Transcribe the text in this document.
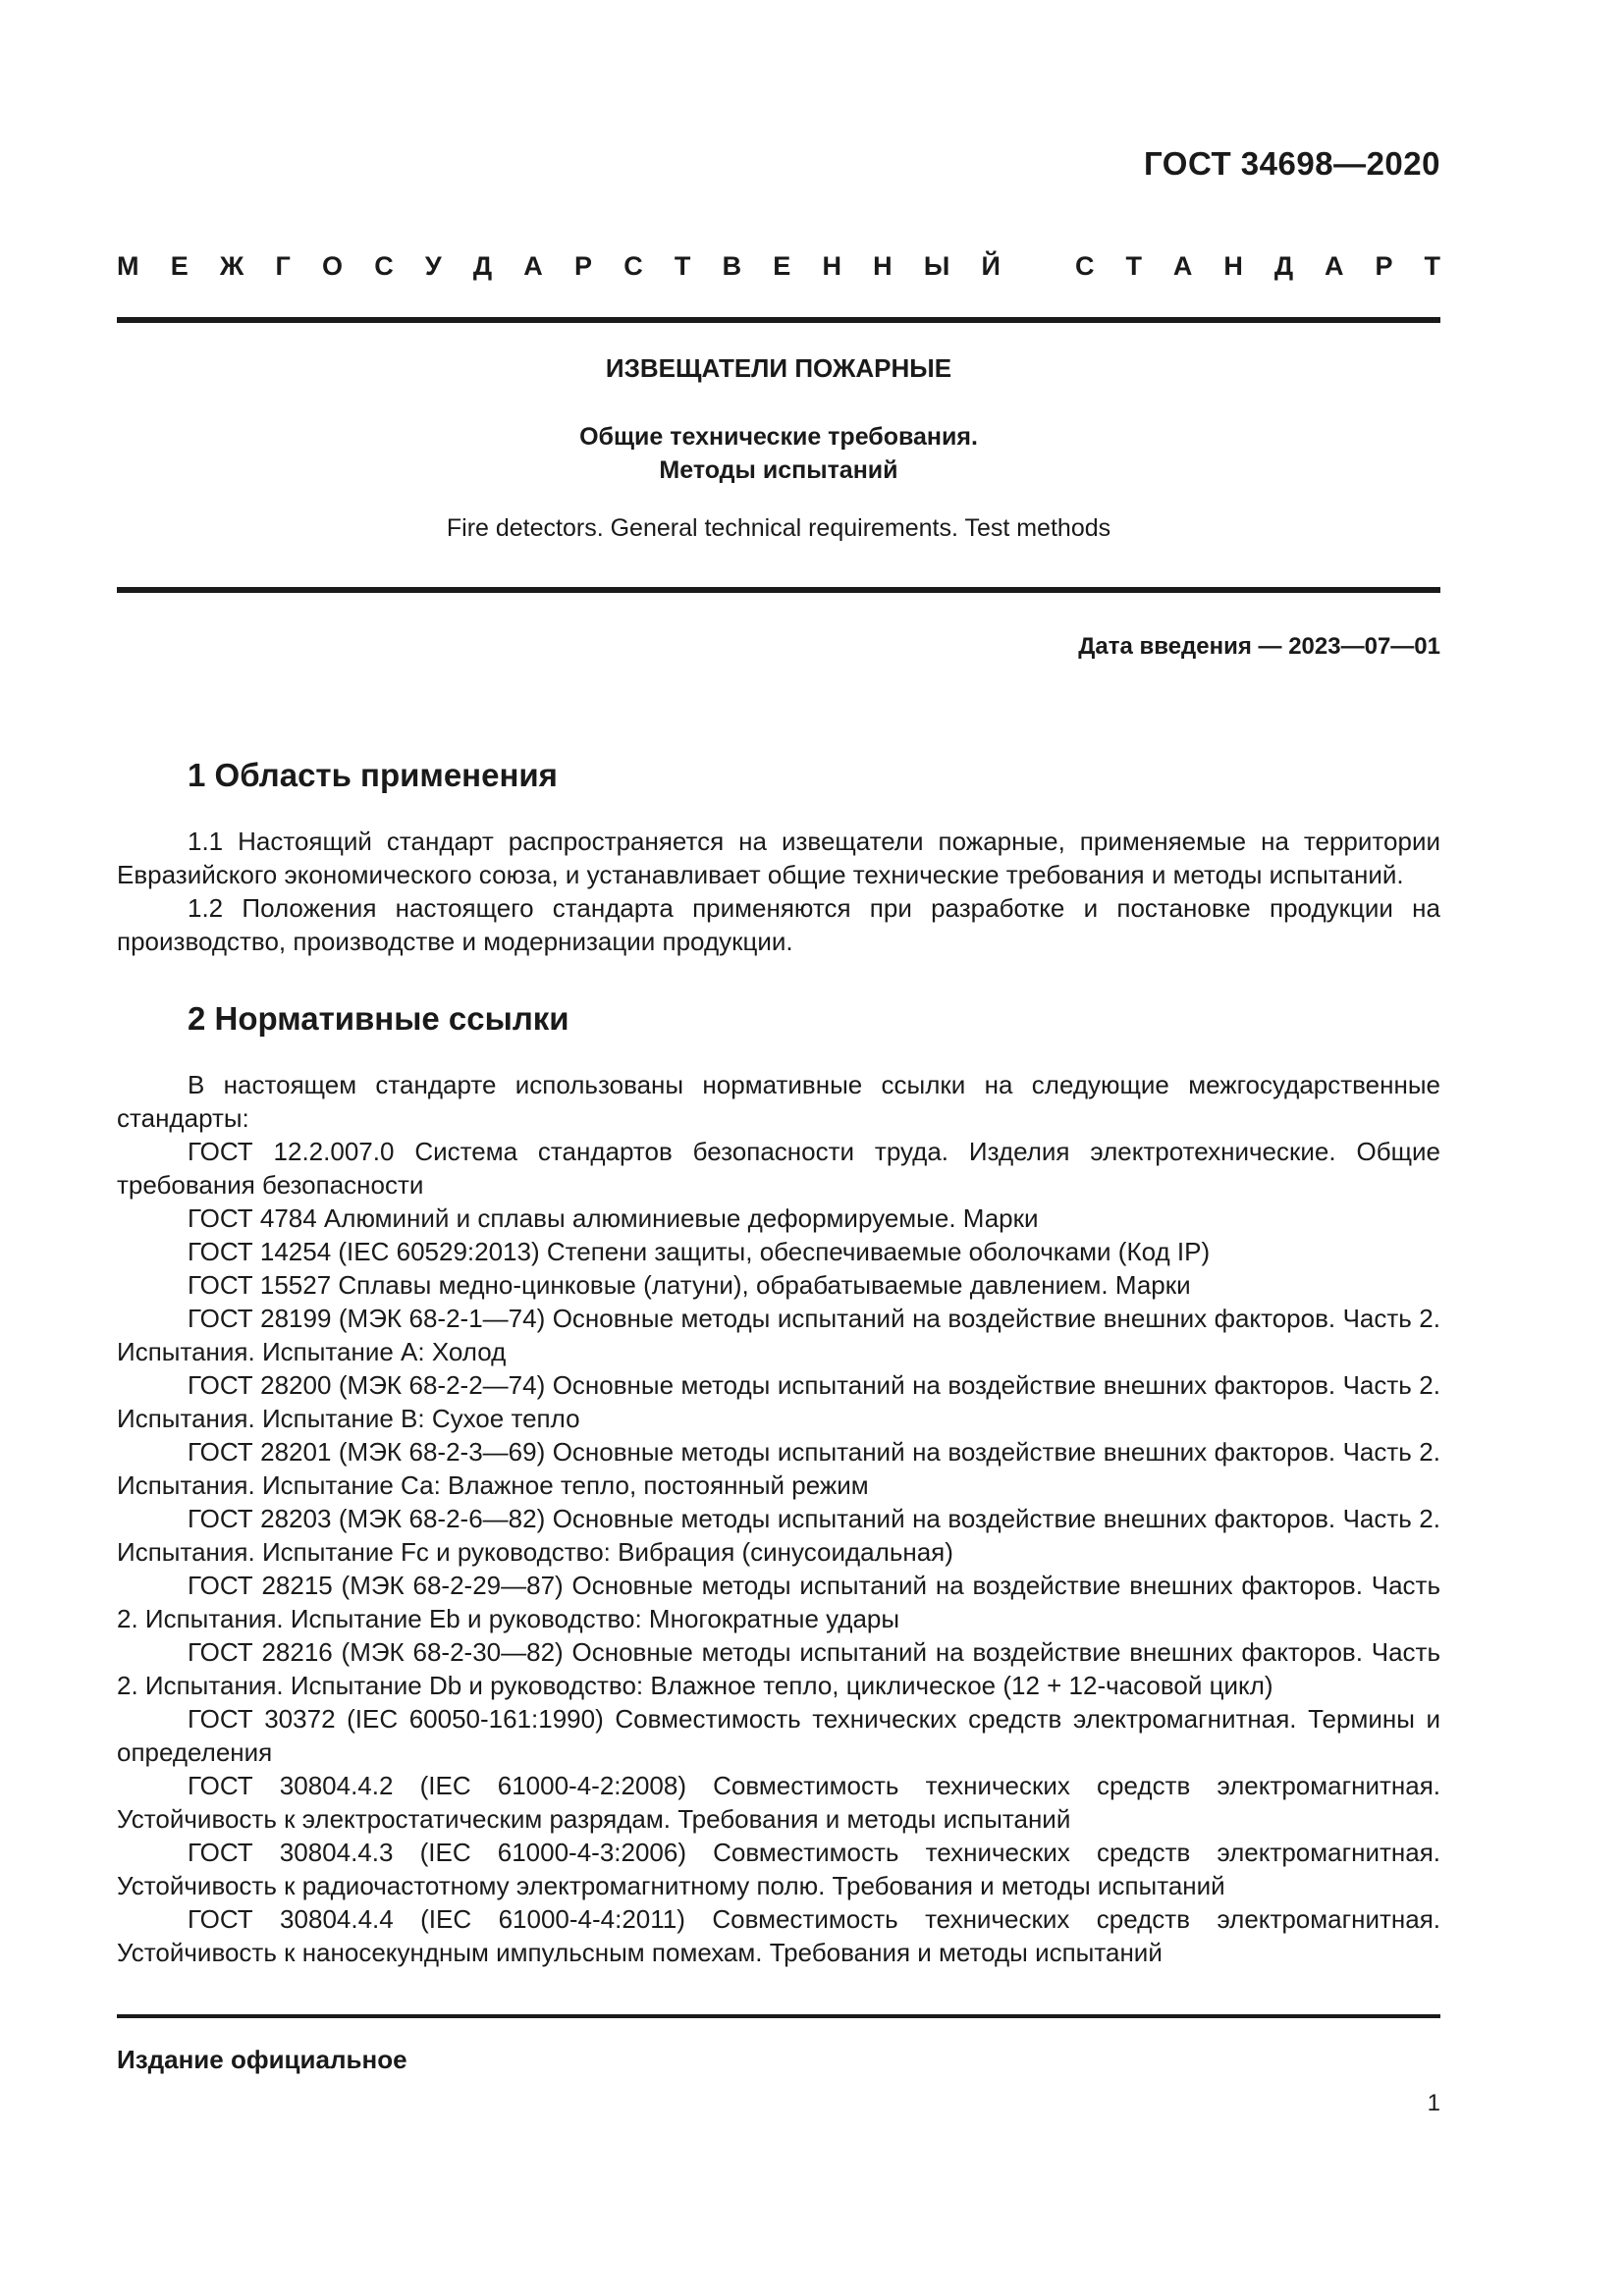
ГОСТ 34698—2020
М Е Ж Г О С У Д А Р С Т В Е Н Н Ы Й	С Т А Н Д А Р Т
ИЗВЕЩАТЕЛИ ПОЖАРНЫЕ
Общие технические требования.
Методы испытаний
Fire detectors. General technical requirements. Test methods
Дата введения — 2023—07—01
1 Область применения

1.1 Настоящий стандарт распространяется на извещатели пожарные, применяемые на территории Евразийского экономического союза, и устанавливает общие технические требования и методы испытаний.

1.2 Положения настоящего стандарта применяются при разработке и постановке продукции на производство, производстве и модернизации продукции.

2 Нормативные ссылки

В настоящем стандарте использованы нормативные ссылки на следующие межгосударственные стандарты:

ГОСТ 12.2.007.0 Система стандартов безопасности труда. Изделия электротехнические. Общие требования безопасности

ГОСТ 4784 Алюминий и сплавы алюминиевые деформируемые. Марки

ГОСТ 14254 (IEC 60529:2013) Степени защиты, обеспечиваемые оболочками (Код IP)

ГОСТ 15527 Сплавы медно-цинковые (латуни), обрабатываемые давлением. Марки

ГОСТ 28199 (МЭК 68-2-1—74) Основные методы испытаний на воздействие внешних факторов. Часть 2. Испытания. Испытание А: Холод

ГОСТ 28200 (МЭК 68-2-2—74) Основные методы испытаний на воздействие внешних факторов. Часть 2. Испытания. Испытание В: Сухое тепло

ГОСТ 28201 (МЭК 68-2-3—69) Основные методы испытаний на воздействие внешних факторов. Часть 2. Испытания. Испытание Са: Влажное тепло, постоянный режим

ГОСТ 28203 (МЭК 68-2-6—82) Основные методы испытаний на воздействие внешних факторов. Часть 2. Испытания. Испытание Fc и руководство: Вибрация (синусоидальная)

ГОСТ 28215 (МЭК 68-2-29—87) Основные методы испытаний на воздействие внешних факторов. Часть 2. Испытания. Испытание Eb и руководство: Многократные удары

ГОСТ 28216 (МЭК 68-2-30—82) Основные методы испытаний на воздействие внешних факторов. Часть 2. Испытания. Испытание Db и руководство: Влажное тепло, циклическое (12 + 12-часовой цикл)

ГОСТ 30372 (IEC 60050-161:1990) Совместимость технических средств электромагнитная. Термины и определения

ГОСТ 30804.4.2 (IEC 61000-4-2:2008) Совместимость технических средств электромагнитная. Устойчивость к электростатическим разрядам. Требования и методы испытаний

ГОСТ 30804.4.3 (IEC 61000-4-3:2006) Совместимость технических средств электромагнитная. Устойчивость к радиочастотному электромагнитному полю. Требования и методы испытаний

ГОСТ 30804.4.4 (IEC 61000-4-4:2011) Совместимость технических средств электромагнитная. Устойчивость к наносекундным импульсным помехам. Требования и методы испытаний

Издание официальное
1
